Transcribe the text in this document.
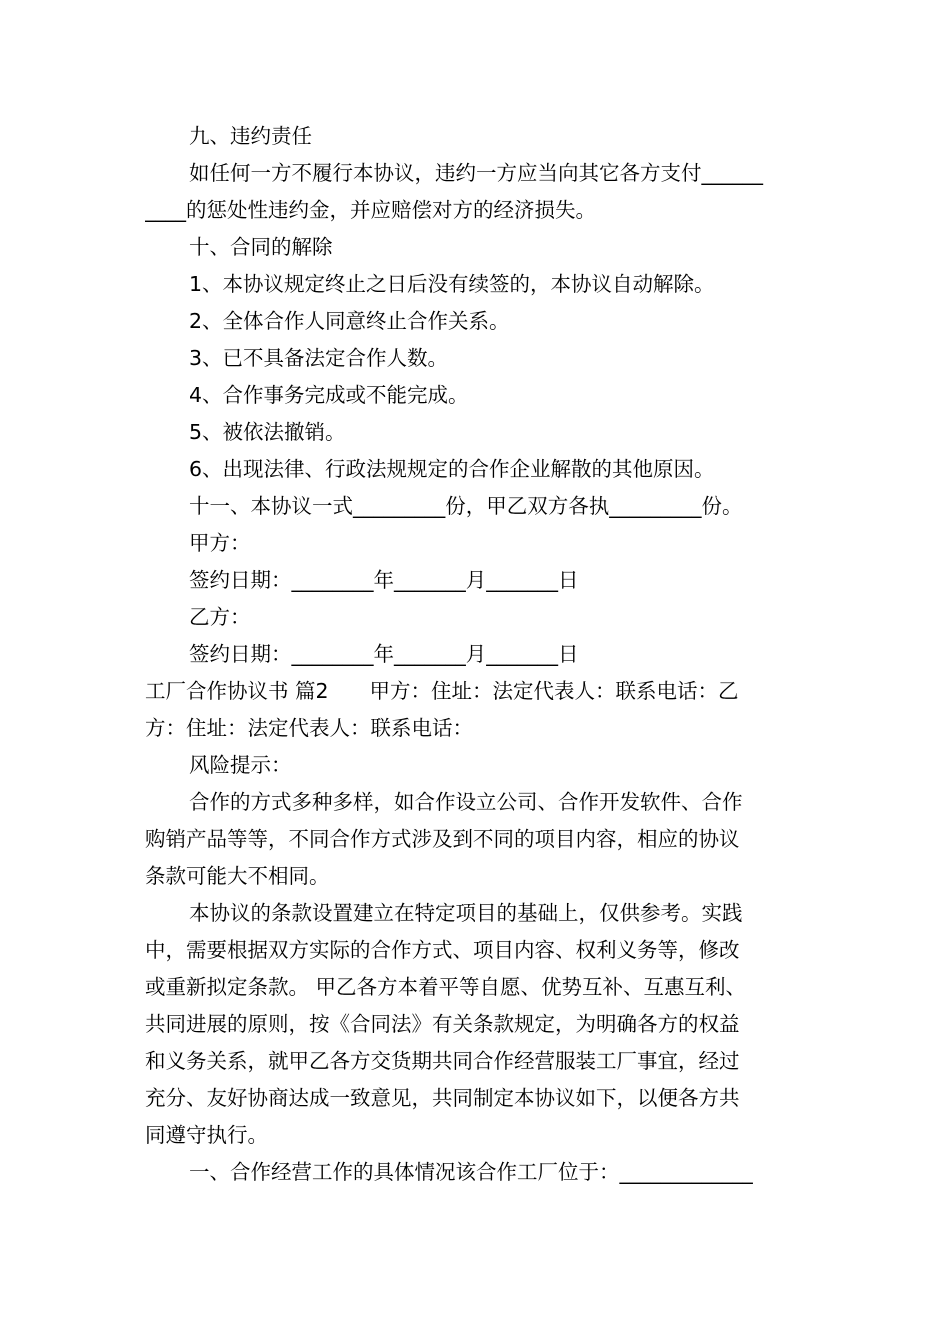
九、违约责任
如任何一方不履行本协议，违约一方应当向其它各方支付______
____的惩处性违约金，并应赔偿对方的经济损失。
十、合同的解除
1、本协议规定终止之日后没有续签的，本协议自动解除。
2、全体合作人同意终止合作关系。
3、已不具备法定合作人数。
4、合作事务完成或不能完成。
5、被依法撤销。
6、出现法律、行政法规规定的合作企业解散的其他原因。
十一、本协议一式_________份，甲乙双方各执_________份。
甲方：
签约日期：________年_______月_______日
乙方：
签约日期：________年_______月_______日
工厂合作协议书 篇2　　甲方：住址：法定代表人：联系电话：乙
方：住址：法定代表人：联系电话：
风险提示：
合作的方式多种多样，如合作设立公司、合作开发软件、合作
购销产品等等，不同合作方式涉及到不同的项目内容，相应的协议
条款可能大不相同。
本协议的条款设置建立在特定项目的基础上，仅供参考。实践
中，需要根据双方实际的合作方式、项目内容、权利义务等，修改
或重新拟定条款。 甲乙各方本着平等自愿、优势互补、互惠互利、
共同进展的原则，按《合同法》有关条款规定，为明确各方的权益
和义务关系，就甲乙各方交货期共同合作经营服装工厂事宜，经过
充分、友好协商达成一致意见，共同制定本协议如下，以便各方共
同遵守执行。
一、合作经营工作的具体情况该合作工厂位于：_____________
